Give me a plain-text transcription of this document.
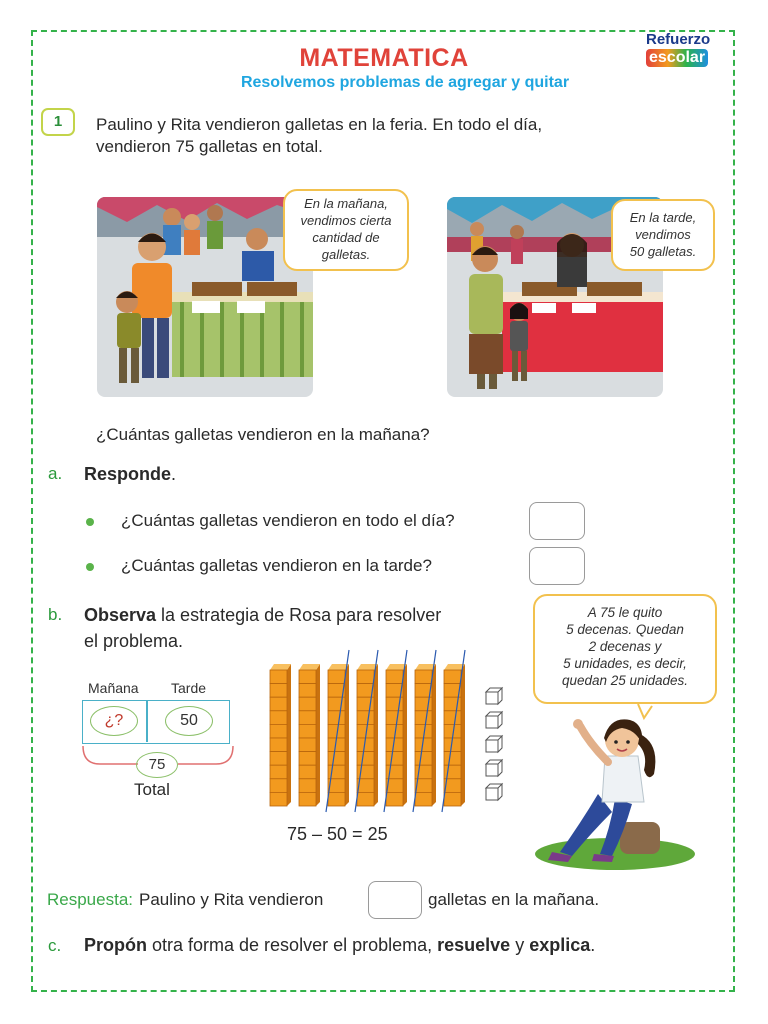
MATEMATICA
Resolvemos problemas de agregar y quitar
Refuerzo
escolar
1	Paulino y Rita vendieron galletas en la feria. En todo el día,
vendieron 75 galletas en total.
En la mañana,
vendimos cierta
cantidad de
galletas.
En la tarde,
vendimos
50 galletas.
¿Cuántas galletas vendieron en la mañana?
a. Responde.
¿Cuántas galletas vendieron en todo el día?
¿Cuántas galletas vendieron en la tarde?
b. Observa la estrategia de Rosa para resolver
el problema.
Mañana Tarde
¿?	50
75
Total
75 – 50 = 25
A 75 le quito
5 decenas. Quedan
2 decenas y
5 unidades, es decir,
quedan 25 unidades.
Respuesta: Paulino y Rita vendieron	galletas en la mañana.
c. Propón otra forma de resolver el problema, resuelve y explica.
